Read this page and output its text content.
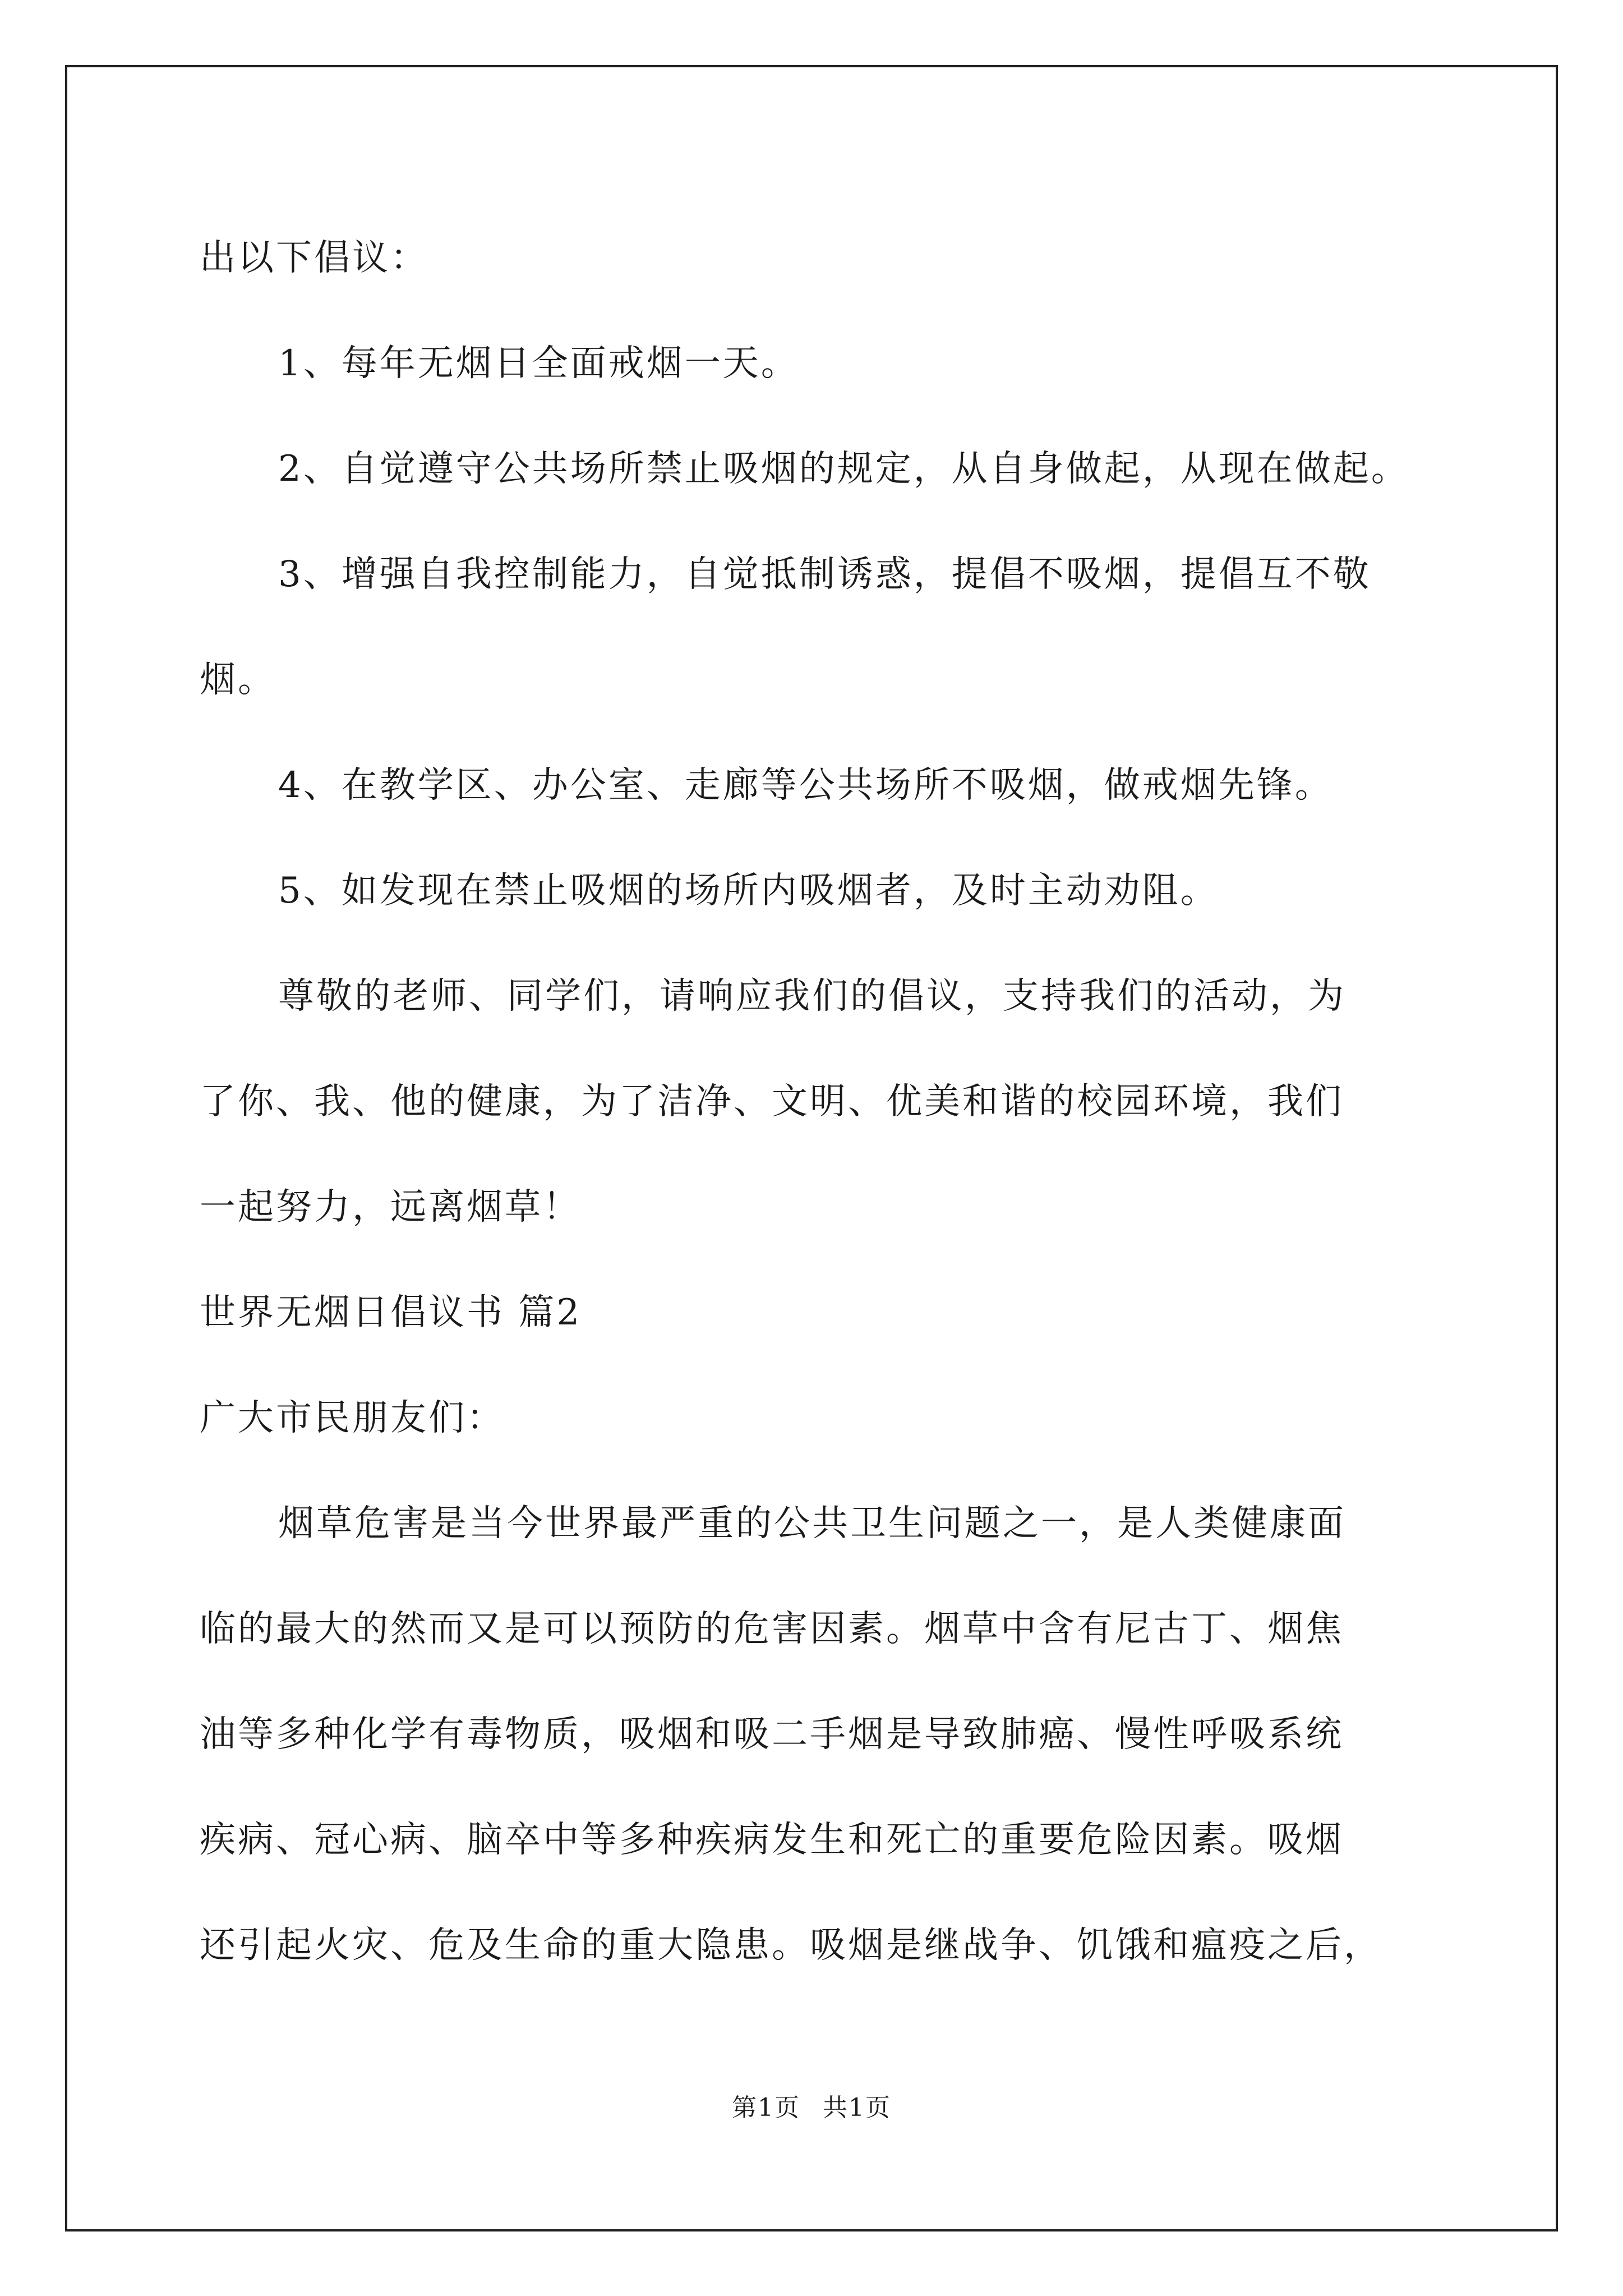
出以下倡议：
1、每年无烟日全面戒烟一天。
2、自觉遵守公共场所禁止吸烟的规定，从自身做起，从现在做起。
3、增强自我控制能力，自觉抵制诱惑，提倡不吸烟，提倡互不敬
烟。
4、在教学区、办公室、走廊等公共场所不吸烟，做戒烟先锋。
5、如发现在禁止吸烟的场所内吸烟者，及时主动劝阻。
尊敬的老师、同学们，请响应我们的倡议，支持我们的活动，为
了你、我、他的健康，为了洁净、文明、优美和谐的校园环境，我们
一起努力，远离烟草！
世界无烟日倡议书 篇2
广大市民朋友们：
烟草危害是当今世界最严重的公共卫生问题之一，是人类健康面
临的最大的然而又是可以预防的危害因素。烟草中含有尼古丁、烟焦
油等多种化学有毒物质，吸烟和吸二手烟是导致肺癌、慢性呼吸系统
疾病、冠心病、脑卒中等多种疾病发生和死亡的重要危险因素。吸烟
还引起火灾、危及生命的重大隐患。吸烟是继战争、饥饿和瘟疫之后，
第1页 共1页
